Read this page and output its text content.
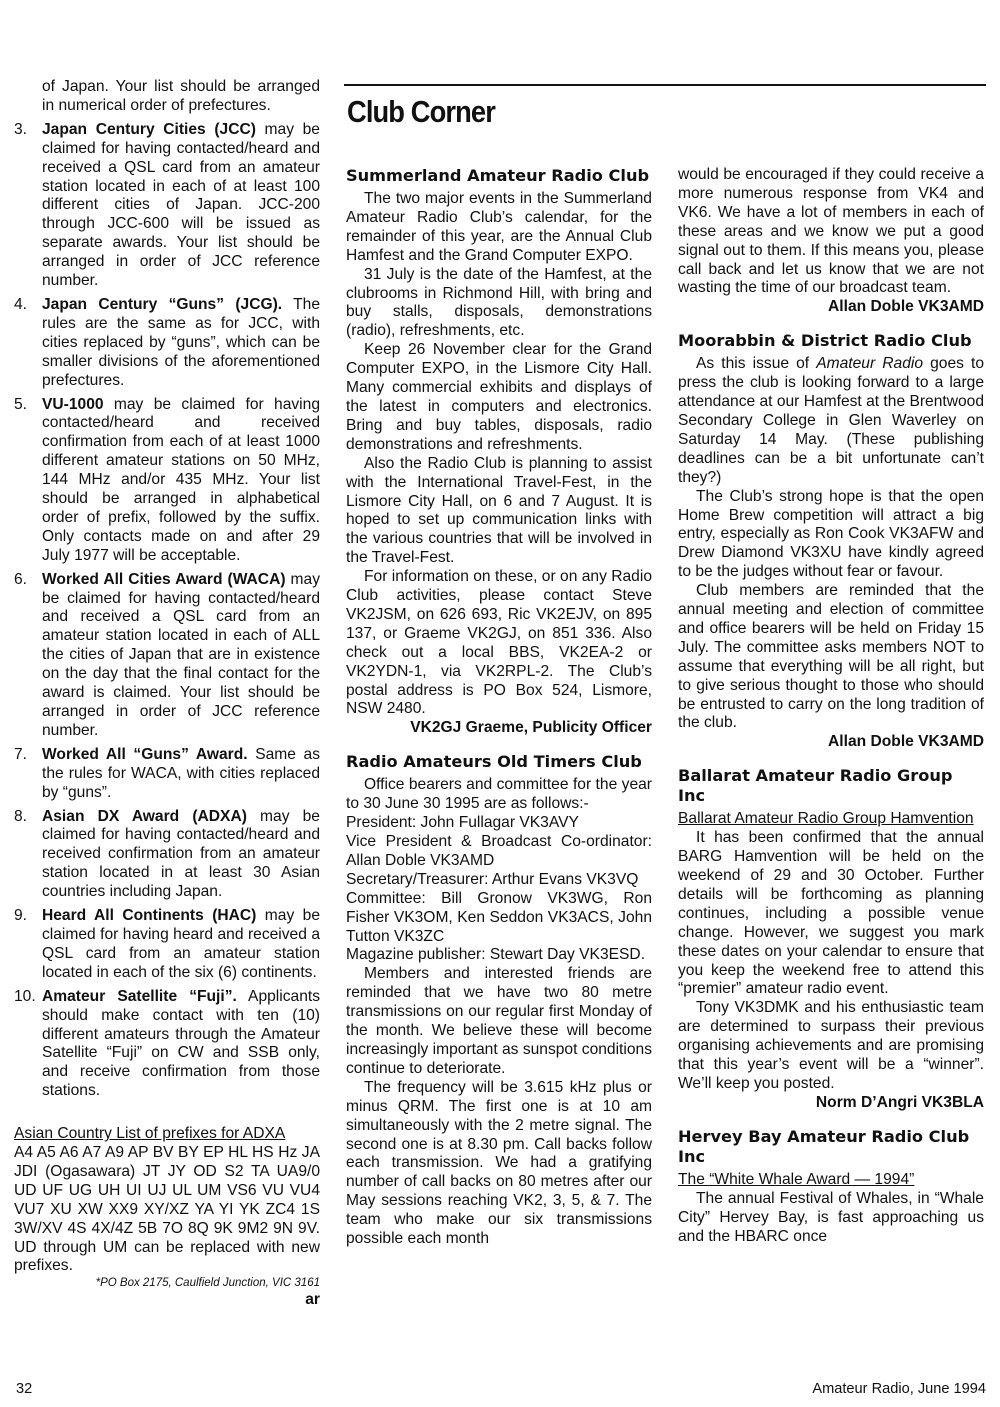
of Japan. Your list should be arranged in numerical order of prefectures.

3. Japan Century Cities (JCC) may be claimed for having contacted/heard and received a QSL card from an amateur station located in each of at least 100 different cities of Japan. JCC-200 through JCC-600 will be issued as separate awards. Your list should be arranged in order of JCC reference number.
4. Japan Century “Guns” (JCG). The rules are the same as for JCC, with cities replaced by “guns”, which can be smaller divisions of the aforementioned prefectures.
5. VU-1000 may be claimed for having contacted/heard and received confirmation from each of at least 1000 different amateur stations on 50 MHz, 144 MHz and/or 435 MHz. Your list should be arranged in alphabetical order of prefix, followed by the suffix. Only contacts made on and after 29 July 1977 will be acceptable.
6. Worked All Cities Award (WACA) may be claimed for having contacted/heard and received a QSL card from an amateur station located in each of ALL the cities of Japan that are in existence on the day that the final contact for the award is claimed. Your list should be arranged in order of JCC reference number.
7. Worked All “Guns” Award. Same as the rules for WACA, with cities replaced by “guns”.
8. Asian DX Award (ADXA) may be claimed for having contacted/heard and received confirmation from an amateur station located in at least 30 Asian countries including Japan.
9. Heard All Continents (HAC) may be claimed for having heard and received a QSL card from an amateur station located in each of the six (6) continents.
10. Amateur Satellite “Fuji”. Applicants should make contact with ten (10) different amateurs through the Amateur Satellite “Fuji” on CW and SSB only, and receive confirmation from those stations.

Asian Country List of prefixes for ADXA

A4 A5 A6 A7 A9 AP BV BY EP HL HS Hz JA JDI (Ogasawara) JT JY OD S2 TA UA9/0 UD UF UG UH UI UJ UL UM VS6 VU VU4 VU7 XU XW XX9 XY/XZ YA YI YK ZC4 1S 3W/XV 4S 4X/4Z 5B 7O 8Q 9K 9M2 9N 9V. UD through UM can be replaced with new prefixes.

*PO Box 2175, Caulfield Junction, VIC 3161

ar

Club Corner
Summerland Amateur Radio Club

The two major events in the Summerland Amateur Radio Club’s calendar, for the remainder of this year, are the Annual Club Hamfest and the Grand Computer EXPO.

31 July is the date of the Hamfest, at the clubrooms in Richmond Hill, with bring and buy stalls, disposals, demonstrations (radio), refreshments, etc.

Keep 26 November clear for the Grand Computer EXPO, in the Lismore City Hall. Many commercial exhibits and displays of the latest in computers and electronics. Bring and buy tables, disposals, radio demonstrations and refreshments.

Also the Radio Club is planning to assist with the International Travel-Fest, in the Lismore City Hall, on 6 and 7 August. It is hoped to set up communication links with the various countries that will be involved in the Travel-Fest.

For information on these, or on any Radio Club activities, please contact Steve VK2JSM, on 626 693, Ric VK2EJV, on 895 137, or Graeme VK2GJ, on 851 336. Also check out a local BBS, VK2EA-2 or VK2YDN-1, via VK2RPL-2. The Club’s postal address is PO Box 524, Lismore, NSW 2480.

VK2GJ Graeme, Publicity Officer

Radio Amateurs Old Timers Club

Office bearers and committee for the year to 30 June 30 1995 are as follows:-

President: John Fullagar VK3AVY

Vice President & Broadcast Co-ordinator: Allan Doble VK3AMD

Secretary/Treasurer: Arthur Evans VK3VQ

Committee: Bill Gronow VK3WG, Ron Fisher VK3OM, Ken Seddon VK3ACS, John Tutton VK3ZC

Magazine publisher: Stewart Day VK3ESD.

Members and interested friends are reminded that we have two 80 metre transmissions on our regular first Monday of the month. We believe these will become increasingly important as sunspot conditions continue to deteriorate.

The frequency will be 3.615 kHz plus or minus QRM. The first one is at 10 am simultaneously with the 2 metre signal. The second one is at 8.30 pm. Call backs follow each transmission. We had a gratifying number of call backs on 80 metres after our May sessions reaching VK2, 3, 5, & 7. The team who make our six transmissions possible each month

would be encouraged if they could receive a more numerous response from VK4 and VK6. We have a lot of members in each of these areas and we know we put a good signal out to them. If this means you, please call back and let us know that we are not wasting the time of our broadcast team.

Allan Doble VK3AMD

Moorabbin & District Radio Club

As this issue of Amateur Radio goes to press the club is looking forward to a large attendance at our Hamfest at the Brentwood Secondary College in Glen Waverley on Saturday 14 May. (These publishing deadlines can be a bit unfortunate can’t they?)

The Club’s strong hope is that the open Home Brew competition will attract a big entry, especially as Ron Cook VK3AFW and Drew Diamond VK3XU have kindly agreed to be the judges without fear or favour.

Club members are reminded that the annual meeting and election of committee and office bearers will be held on Friday 15 July. The committee asks members NOT to assume that everything will be all right, but to give serious thought to those who should be entrusted to carry on the long tradition of the club.

Allan Doble VK3AMD

Ballarat Amateur Radio Group Inc

Ballarat Amateur Radio Group Hamvention

It has been confirmed that the annual BARG Hamvention will be held on the weekend of 29 and 30 October. Further details will be forthcoming as planning continues, including a possible venue change. However, we suggest you mark these dates on your calendar to ensure that you keep the weekend free to attend this “premier” amateur radio event.

Tony VK3DMK and his enthusiastic team are determined to surpass their previous organising achievements and are promising that this year’s event will be a “winner”. We’ll keep you posted.

Norm D’Angri VK3BLA

Hervey Bay Amateur Radio Club Inc

The “White Whale Award — 1994”

The annual Festival of Whales, in “Whale City” Hervey Bay, is fast approaching us and the HBARC once

32	Amateur Radio, June 1994
